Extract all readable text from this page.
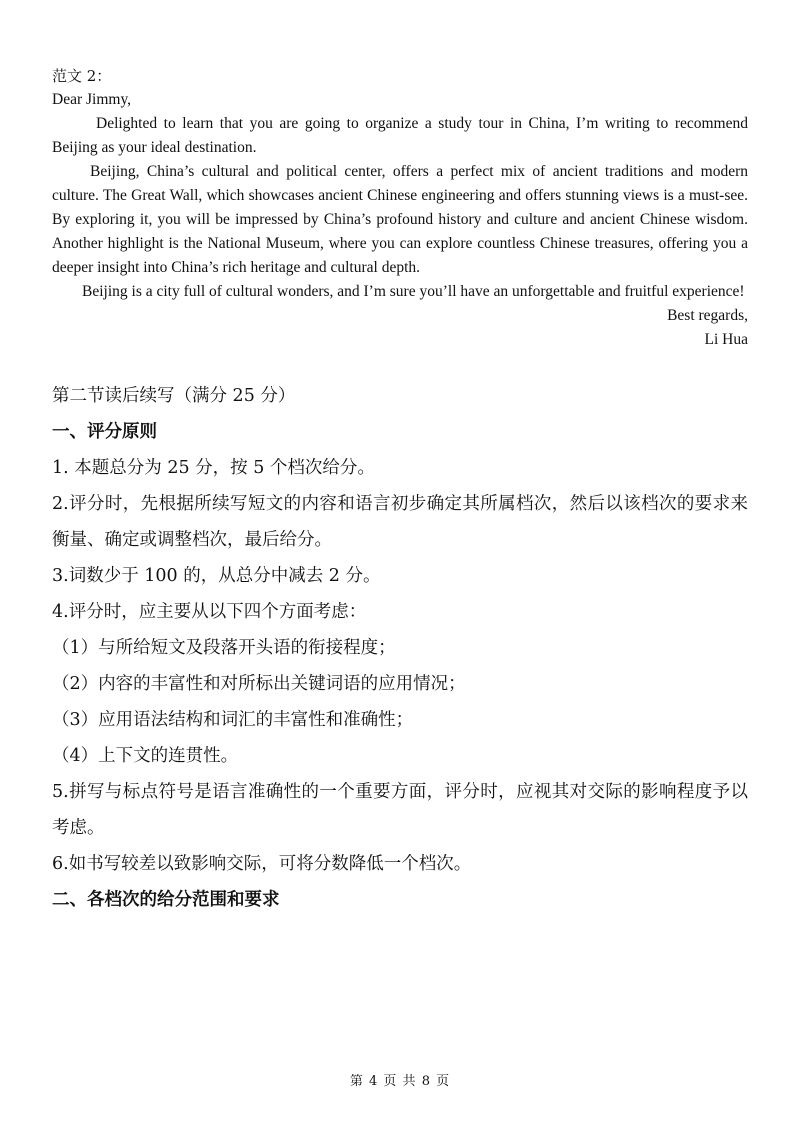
范文 2：

Dear Jimmy,

Delighted to learn that you are going to organize a study tour in China, I’m writing to recommend Beijing as your ideal destination.

Beijing, China’s cultural and political center, offers a perfect mix of ancient traditions and modern culture. The Great Wall, which showcases ancient Chinese engineering and offers stunning views is a must-see. By exploring it, you will be impressed by China’s profound history and culture and ancient Chinese wisdom. Another highlight is the National Museum, where you can explore countless Chinese treasures, offering you a deeper insight into China’s rich heritage and cultural depth.

Beijing is a city full of cultural wonders, and I’m sure you’ll have an unforgettable and fruitful experience!

Best regards,

Li Hua

第二节读后续写（满分 25 分）

一、评分原则

1. 本题总分为 25 分，按 5 个档次给分。

2.评分时，先根据所续写短文的内容和语言初步确定其所属档次，然后以该档次的要求来衡量、确定或调整档次，最后给分。

3.词数少于 100 的，从总分中减去 2 分。

4.评分时，应主要从以下四个方面考虑：

（1）与所给短文及段落开头语的衔接程度；

（2）内容的丰富性和对所标出关键词语的应用情况；

（3）应用语法结构和词汇的丰富性和准确性；

（4）上下文的连贯性。

5.拼写与标点符号是语言准确性的一个重要方面，评分时，应视其对交际的影响程度予以考虑。

6.如书写较差以致影响交际，可将分数降低一个档次。

二、各档次的给分范围和要求

第 4 页 共 8 页
